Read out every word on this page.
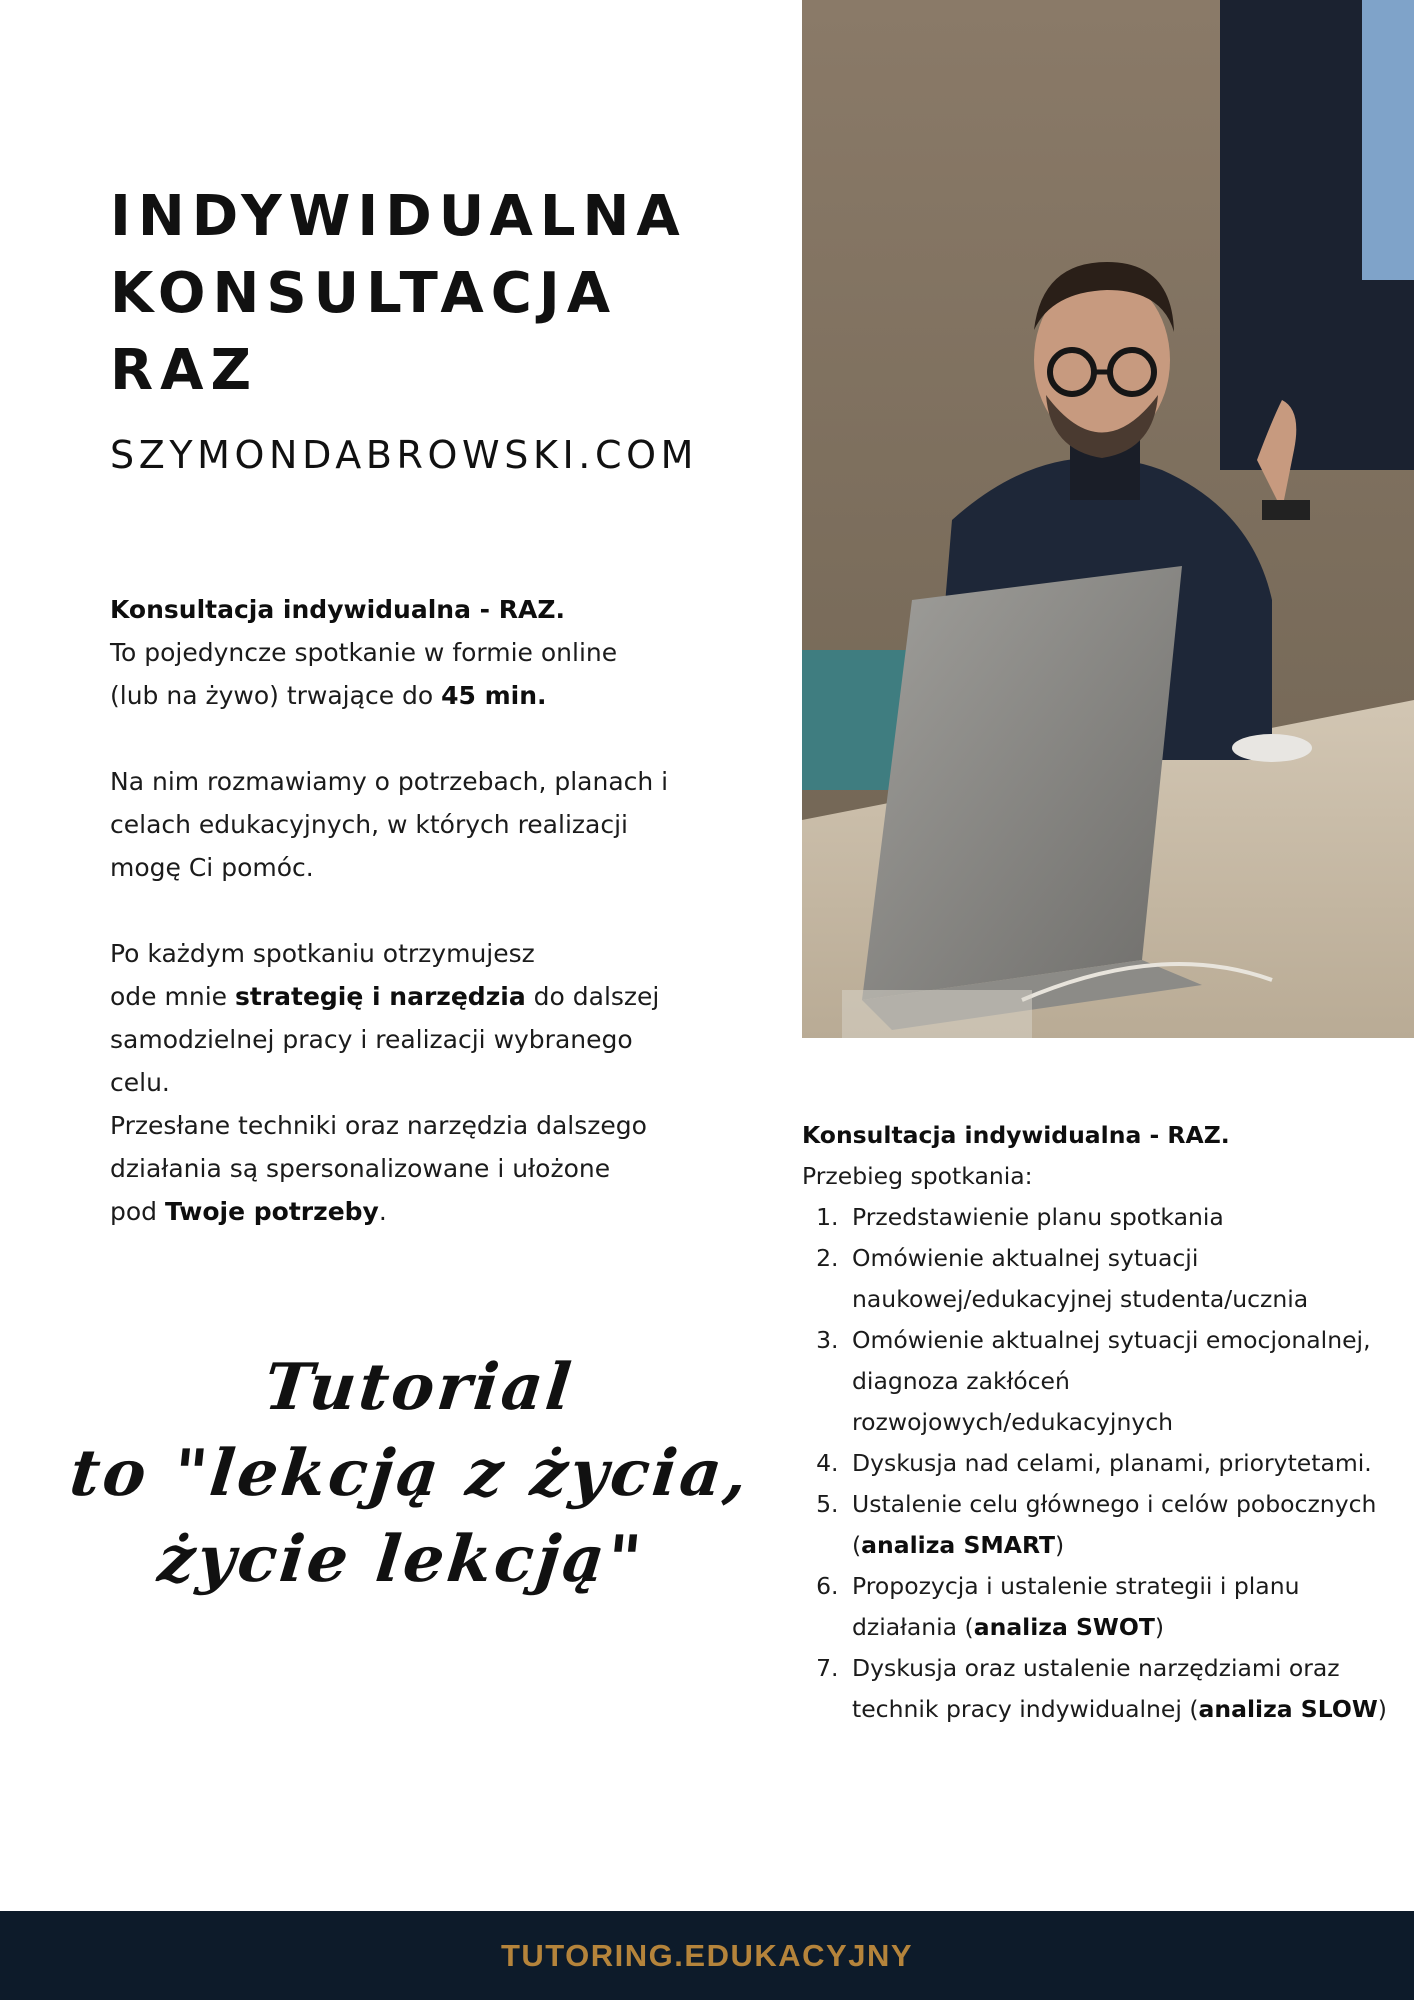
INDYWIDUALNA
KONSULTACJA
RAZ
SZYMONDABROWSKI.COM

Konsultacja indywidualna - RAZ.

To pojedyncze spotkanie w formie online

(lub na żywo) trwające do 45 min.

Na nim rozmawiamy o potrzebach, planach i

celach edukacyjnych, w których realizacji

mogę Ci pomóc.

Po każdym spotkaniu otrzymujesz

ode mnie strategię i narzędzia do dalszej

samodzielnej pracy i realizacji wybranego

celu.

Przesłane techniki oraz narzędzia dalszego

działania są spersonalizowane i ułożone

pod Twoje potrzeby.

Tutorial
to "lekcją z życia,
życie lekcją"

Konsultacja indywidualna - RAZ.

Przebieg spotkania:

1. Przedstawienie planu spotkania
2. Omówienie aktualnej sytuacji naukowej/edukacyjnej studenta/ucznia
3. Omówienie aktualnej sytuacji emocjonalnej, diagnoza zakłóceń rozwojowych/edukacyjnych
4. Dyskusja nad celami, planami, priorytetami.
5. Ustalenie celu głównego i celów pobocznych (analiza SMART)
6. Propozycja i ustalenie strategii i planu działania (analiza SWOT)
7. Dyskusja oraz ustalenie narzędziami oraz technik pracy indywidualnej (analiza SLOW)
TUTORING.EDUKACYJNY
